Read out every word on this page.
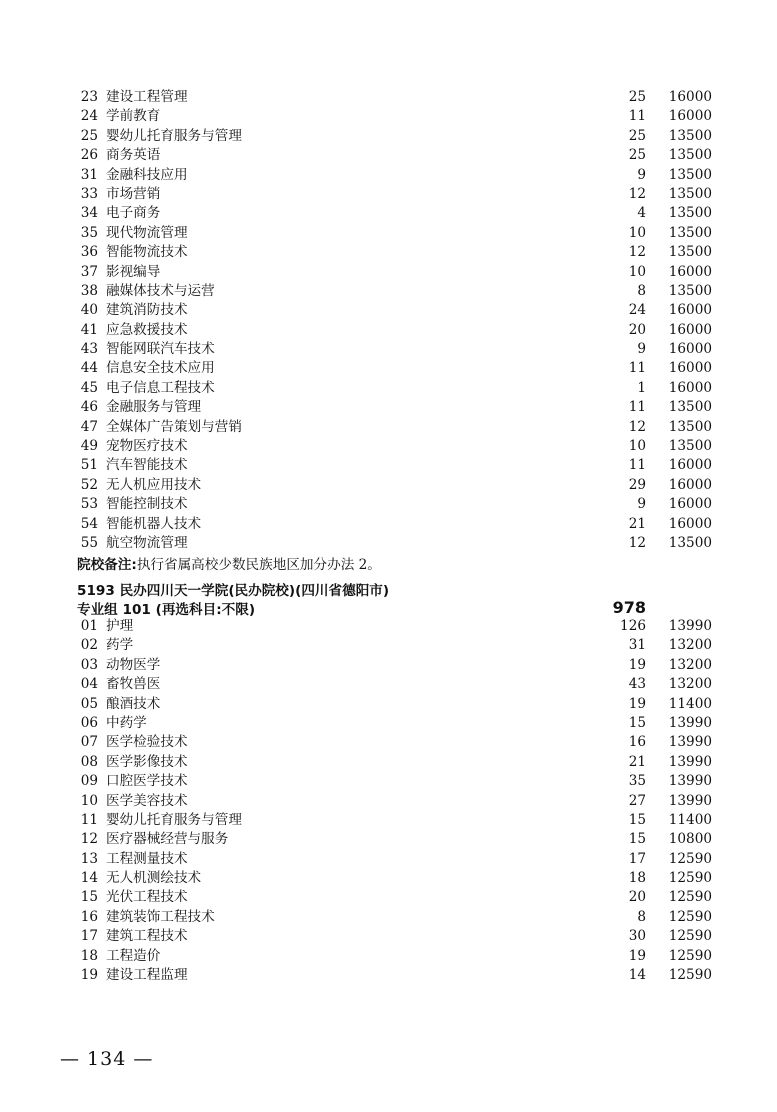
23 建设工程管理	25 16000
24 学前教育	11 16000
25 婴幼儿托育服务与管理	25 13500
26 商务英语	25 13500
31 金融科技应用	9 13500
33 市场营销	12 13500
34 电子商务	4 13500
35 现代物流管理	10 13500
36 智能物流技术	12 13500
37 影视编导	10 16000
38 融媒体技术与运营	8 13500
40 建筑消防技术	24 16000
41 应急救援技术	20 16000
43 智能网联汽车技术	9 16000
44 信息安全技术应用	11 16000
45 电子信息工程技术	1 16000
46 金融服务与管理	11 13500
47 全媒体广告策划与营销	12 13500
49 宠物医疗技术	10 13500
51 汽车智能技术	11 16000
52 无人机应用技术	29 16000
53 智能控制技术	9 16000
54 智能机器人技术	21 16000
55 航空物流管理	12 13500
院校备注:执行省属高校少数民族地区加分办法 2。
5193 民办四川天一学院(民办院校)(四川省德阳市)
专业组 101 (再选科目:不限)	978
01 护理	126 13990
02 药学	31 13200
03 动物医学	19 13200
04 畜牧兽医	43 13200
05 酿酒技术	19 11400
06 中药学	15 13990
07 医学检验技术	16 13990
08 医学影像技术	21 13990
09 口腔医学技术	35 13990
10 医学美容技术	27 13990
11 婴幼儿托育服务与管理	15 11400
12 医疗器械经营与服务	15 10800
13 工程测量技术	17 12590
14 无人机测绘技术	18 12590
15 光伏工程技术	20 12590
16 建筑装饰工程技术	8 12590
17 建筑工程技术	30 12590
18 工程造价	19 12590
19 建设工程监理	14 12590
— 134 —
